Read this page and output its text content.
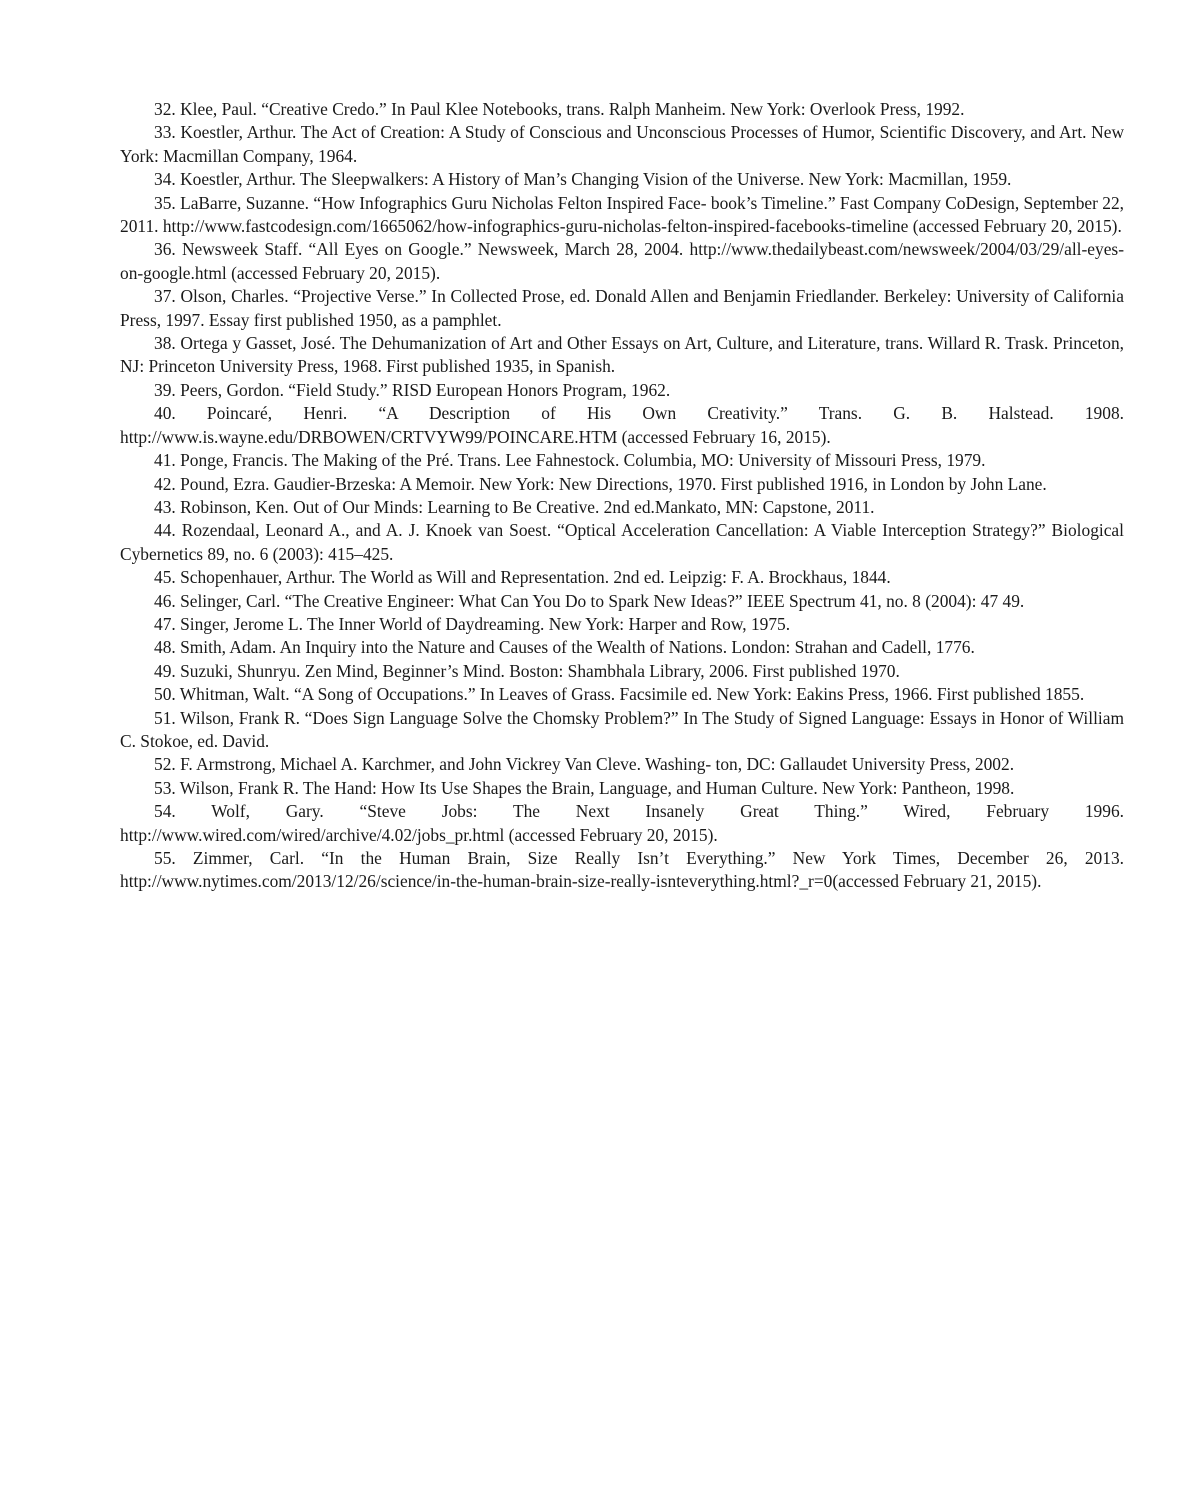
32. Klee, Paul. “Creative Credo.” In Paul Klee Notebooks, trans. Ralph Manheim. New York: Overlook Press, 1992.

33. Koestler, Arthur. The Act of Creation: A Study of Conscious and Unconscious Processes of Humor, Scientific Discovery, and Art. New York: Macmillan Company, 1964.

34. Koestler, Arthur. The Sleepwalkers: A History of Man’s Changing Vision of the Universe. New York: Macmillan, 1959.

35. LaBarre, Suzanne. “How Infographics Guru Nicholas Felton Inspired Face- book’s Timeline.” Fast Company CoDesign, September 22, 2011. http://www.fastcodesign.com/1665062/how-infographics-guru-nicholas-felton-inspired-facebooks-timeline (accessed February 20, 2015).

36. Newsweek Staff. “All Eyes on Google.” Newsweek, March 28, 2004. http://www.thedailybeast.com/newsweek/2004/03/29/all-eyes-on-google.html (accessed February 20, 2015).

37. Olson, Charles. “Projective Verse.” In Collected Prose, ed. Donald Allen and Benjamin Friedlander. Berkeley: University of California Press, 1997. Essay first published 1950, as a pamphlet.

38. Ortega y Gasset, José. The Dehumanization of Art and Other Essays on Art, Culture, and Literature, trans. Willard R. Trask. Princeton, NJ: Princeton University Press, 1968. First published 1935, in Spanish.

39. Peers, Gordon. “Field Study.” RISD European Honors Program, 1962.

40. Poincaré, Henri. “A Description of His Own Creativity.” Trans. G. B. Halstead. 1908. http://www.is.wayne.edu/DRBOWEN/CRTVYW99/POINCARE.HTM (accessed February 16, 2015).

41. Ponge, Francis. The Making of the Pré. Trans. Lee Fahnestock. Columbia, MO: University of Missouri Press, 1979.

42. Pound, Ezra. Gaudier-Brzeska: A Memoir. New York: New Directions, 1970. First published 1916, in London by John Lane.

43. Robinson, Ken. Out of Our Minds: Learning to Be Creative. 2nd ed.Mankato, MN: Capstone, 2011.

44. Rozendaal, Leonard A., and A. J. Knoek van Soest. “Optical Acceleration Cancellation: A Viable Interception Strategy?” Biological Cybernetics 89, no. 6 (2003): 415–425.

45. Schopenhauer, Arthur. The World as Will and Representation. 2nd ed. Leipzig: F. A. Brockhaus, 1844.

46. Selinger, Carl. “The Creative Engineer: What Can You Do to Spark New Ideas?” IEEE Spectrum 41, no. 8 (2004): 47 49.

47. Singer, Jerome L. The Inner World of Daydreaming. New York: Harper and Row, 1975.

48. Smith, Adam. An Inquiry into the Nature and Causes of the Wealth of Nations. London: Strahan and Cadell, 1776.

49. Suzuki, Shunryu. Zen Mind, Beginner’s Mind. Boston: Shambhala Library, 2006. First published 1970.

50. Whitman, Walt. “A Song of Occupations.” In Leaves of Grass. Facsimile ed. New York: Eakins Press, 1966. First published 1855.

51. Wilson, Frank R. “Does Sign Language Solve the Chomsky Problem?” In The Study of Signed Language: Essays in Honor of William C. Stokoe, ed. David.

52. F. Armstrong, Michael A. Karchmer, and John Vickrey Van Cleve. Washing- ton, DC: Gallaudet University Press, 2002.

53. Wilson, Frank R. The Hand: How Its Use Shapes the Brain, Language, and Human Culture. New York: Pantheon, 1998.

54. Wolf, Gary. “Steve Jobs: The Next Insanely Great Thing.” Wired, February 1996. http://www.wired.com/wired/archive/4.02/jobs_pr.html (accessed February 20, 2015).

55. Zimmer, Carl. “In the Human Brain, Size Really Isn’t Everything.” New York Times, December 26, 2013. http://www.nytimes.com/2013/12/26/science/in-the-human-brain-size-really-isnteverything.html?_r=0(accessed February 21, 2015).
